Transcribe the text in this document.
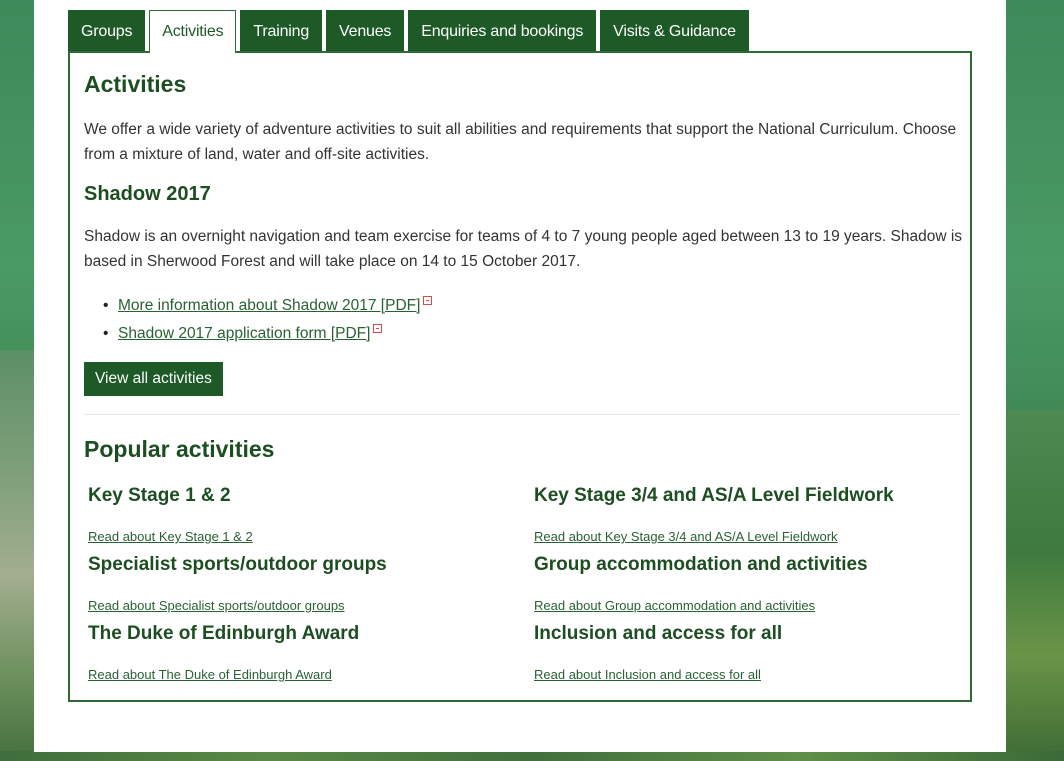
Groups	Activities	Training	Venues	Enquiries and bookings	Visits & Guidance
Activities

We offer a wide variety of adventure activities to suit all abilities and requirements that support the National Curriculum. Choose from a mixture of land, water and off-site activities.

Shadow 2017

Shadow is an overnight navigation and team exercise for teams of 4 to 7 young people aged between 13 to 19 years. Shadow is based in Sherwood Forest and will take place on 14 to 15 October 2017.

• More information about Shadow 2017 [PDF]
• Shadow 2017 application form [PDF]
View all activities
Popular activities
Key Stage 1 & 2
Read about Key Stage 1 & 2
Key Stage 3/4 and AS/A Level Fieldwork
Read about Key Stage 3/4 and AS/A Level Fieldwork
Specialist sports/outdoor groups
Read about Specialist sports/outdoor groups
Group accommodation and activities
Read about Group accommodation and activities
The Duke of Edinburgh Award
Read about The Duke of Edinburgh Award
Inclusion and access for all
Read about Inclusion and access for all
